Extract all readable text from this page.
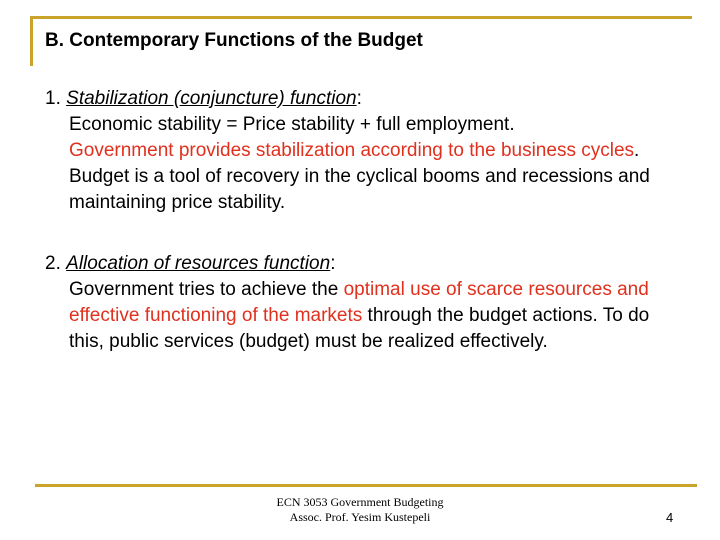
B. Contemporary Functions of the Budget
1. Stabilization (conjuncture) function:
Economic stability = Price stability + full employment.
Government provides stabilization according to the business cycles. Budget is a tool of recovery in the cyclical booms and recessions and maintaining price stability.
2. Allocation of resources function:
Government tries to achieve the optimal use of scarce resources and effective functioning of the markets through the budget actions. To do this, public services (budget) must be realized effectively.
ECN 3053 Government Budgeting
Assoc. Prof. Yesim Kustepeli	4
